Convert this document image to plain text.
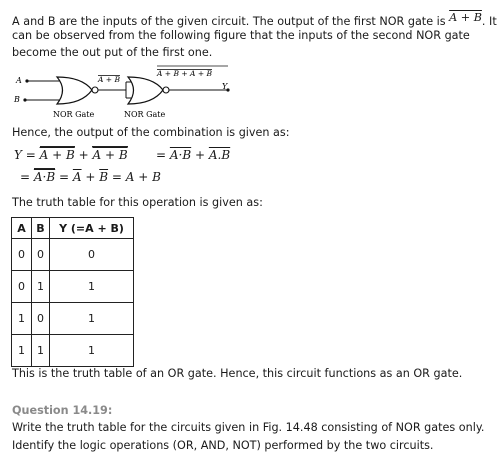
A and B are the inputs of the given circuit. The output of the first NOR gate is A + B. It
can be observed from the following figure that the inputs of the second NOR gate
become the out put of the first one.
A
B
A + B
A + B + A + B
Y
NOR Gate	NOR Gate
Hence, the output of the combination is given as:
Y = A + B + A + B = A·B + A.B
= $A\cdot B = \overline{A} + \overline{B} = A + B$
The truth table for this operation is given as:
A	B	Y (=A + B)
0	0	0
0	1	1
1	0	1
1	1	1
This is the truth table of an OR gate. Hence, this circuit functions as an OR gate.
Question 14.19:
Write the truth table for the circuits given in Fig. 14.48 consisting of NOR gates only.
Identify the logic operations (OR, AND, NOT) performed by the two circuits.
